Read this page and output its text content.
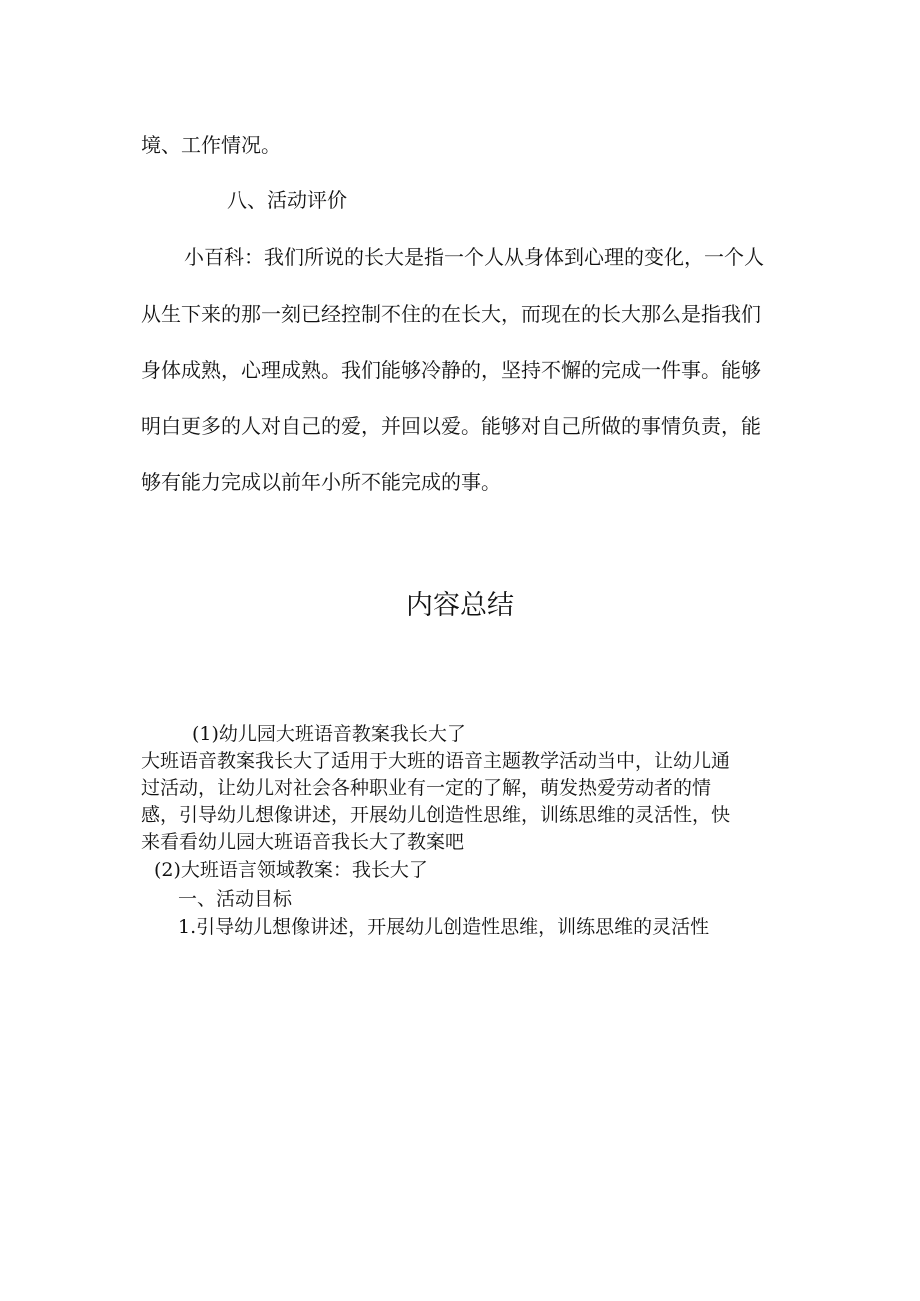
境、工作情况。
八、活动评价
小百科：我们所说的长大是指一个人从身体到心理的变化，一个人
从生下来的那一刻已经控制不住的在长大，而现在的长大那么是指我们
身体成熟，心理成熟。我们能够冷静的，坚持不懈的完成一件事。能够
明白更多的人对自己的爱，并回以爱。能够对自己所做的事情负责，能
够有能力完成以前年小所不能完成的事。
内容总结
(1)幼儿园大班语音教案我长大了
大班语音教案我长大了适用于大班的语音主题教学活动当中，让幼儿通
过活动，让幼儿对社会各种职业有一定的了解，萌发热爱劳动者的情
感，引导幼儿想像讲述，开展幼儿创造性思维，训练思维的灵活性，快
来看看幼儿园大班语音我长大了教案吧
(2)大班语言领域教案：我长大了
一、活动目标
1.引导幼儿想像讲述，开展幼儿创造性思维，训练思维的灵活性
